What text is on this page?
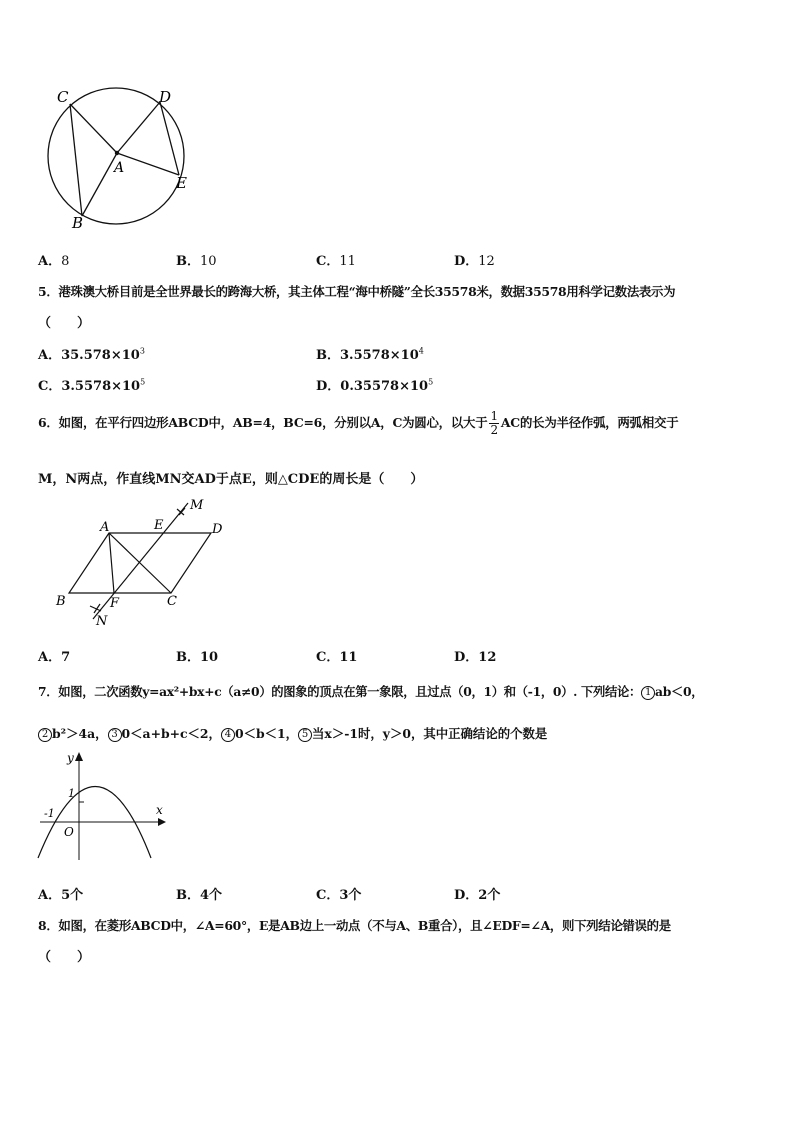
C	D
A
E
B
A．8	B．10	C．11	D．12
5．港珠澳大桥目前是全世界最长的跨海大桥，其主体工程“海中桥隧”全长35578米，数据35578用科学记数法表示为
（　　）
A．$35.578\times 10^3$	B．$3.5578\times 10^4$
C．$3.5578\times 10^5$	D．$0.35578\times 10^5$
6．如图，在平行四边形ABCD中，AB=4，BC=6，分别以A，C为圆心，以大于 $\frac{1}{2}$ AC的长为半径作弧，两弧相交于
M，N两点，作直线MN交AD于点E，则△CDE的周长是（　　）
A	E
M
D
B	F	C
N
A．7	B．10	C．11	D．12
7．如图，二次函数y=ax²+bx+c（a≠0）的图象的顶点在第一象限，且过点（0，1）和（-1，0）. 下列结论： 1 ab＜0，
2 b²＞4a， 3 0＜a+b+c＜2， 4 0＜b＜1， 5 当x＞-1时，y＞0，其中正确结论的个数是
y
1
-1	x
O
A．5个	B．4个	C．3个	D．2个
8．如图，在菱形ABCD中，∠A=60°，E是AB边上一动点（不与A、B重合），且∠EDF=∠A，则下列结论错误的是
（　　）
